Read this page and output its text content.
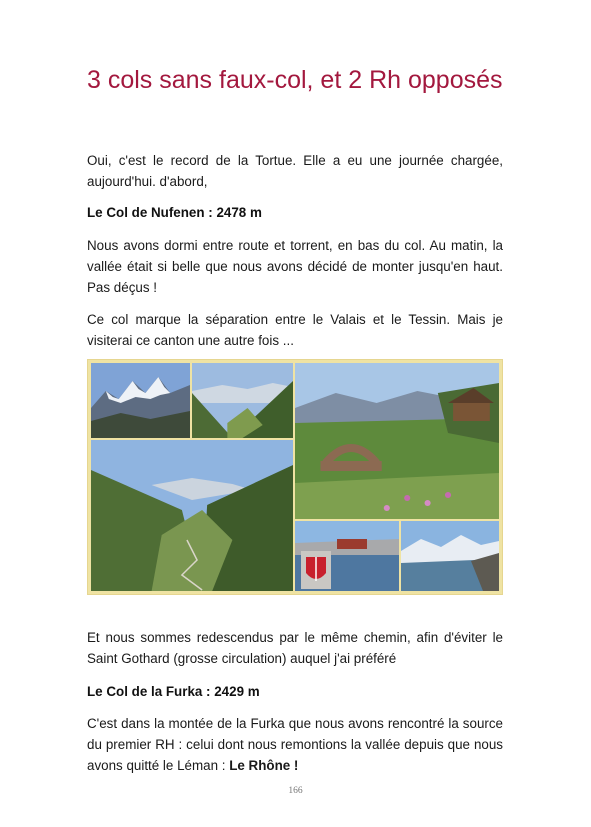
3 cols sans faux-col, et 2 Rh opposés

Oui, c'est le record de la Tortue. Elle a eu une journée chargée, aujourd'hui. d'abord,

Le Col de Nufenen : 2478 m

Nous avons dormi entre route et torrent, en bas du col. Au matin, la vallée était si belle que nous avons décidé de monter jusqu'en haut. Pas déçus !

Ce col marque la séparation entre le Valais et le Tessin. Mais je visiterai ce canton une autre fois ...

Et nous sommes redescendus par le même chemin, afin d'éviter le Saint Gothard (grosse circulation) auquel j'ai préféré

Le Col de la Furka : 2429 m

C'est dans la montée de la Furka que nous avons rencontré la source du premier RH : celui dont nous remontions la vallée depuis que nous avons quitté le Léman : Le Rhône !

166
